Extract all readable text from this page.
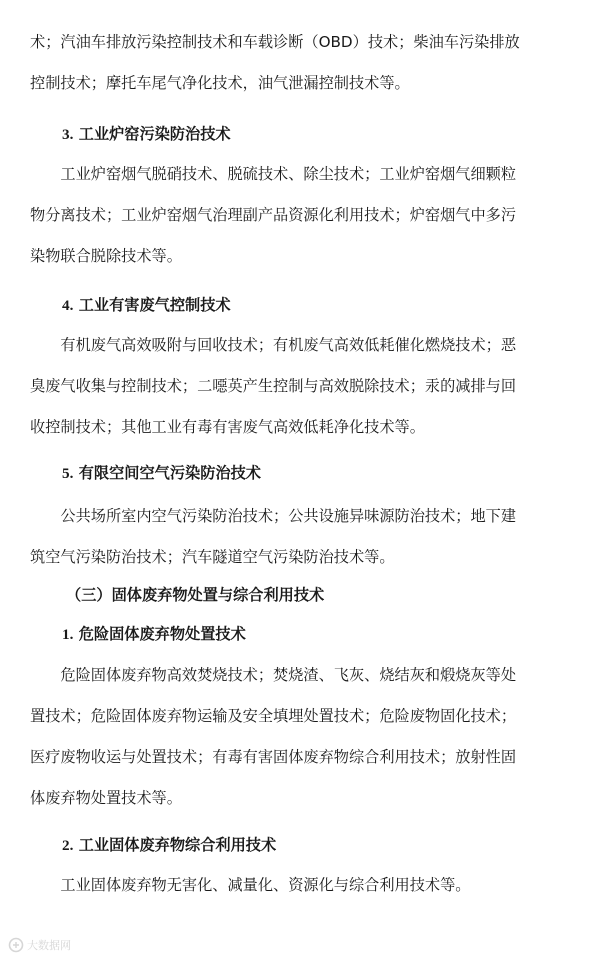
术；汽油车排放污染控制技术和车载诊断（OBD）技术；柴油车污染排放
控制技术；摩托车尾气净化技术，油气泄漏控制技术等。

3. 工业炉窑污染防治技术

　　工业炉窑烟气脱硝技术、脱硫技术、除尘技术；工业炉窑烟气细颗粒
物分离技术；工业炉窑烟气治理副产品资源化利用技术；炉窑烟气中多污
染物联合脱除技术等。

4. 工业有害废气控制技术

　　有机废气高效吸附与回收技术；有机废气高效低耗催化燃烧技术；恶
臭废气收集与控制技术；二噁英产生控制与高效脱除技术；汞的减排与回
收控制技术；其他工业有毒有害废气高效低耗净化技术等。

5. 有限空间空气污染防治技术

　　公共场所室内空气污染防治技术；公共设施异味源防治技术；地下建
筑空气污染防治技术；汽车隧道空气污染防治技术等。

（三）固体废弃物处置与综合利用技术

1. 危险固体废弃物处置技术

　　危险固体废弃物高效焚烧技术；焚烧渣、飞灰、烧结灰和煅烧灰等处
置技术；危险固体废弃物运输及安全填埋处置技术；危险废物固化技术；
医疗废物收运与处置技术；有毒有害固体废弃物综合利用技术；放射性固
体废弃物处置技术等。

2. 工业固体废弃物综合利用技术

　　工业固体废弃物无害化、减量化、资源化与综合利用技术等。
大数据网
